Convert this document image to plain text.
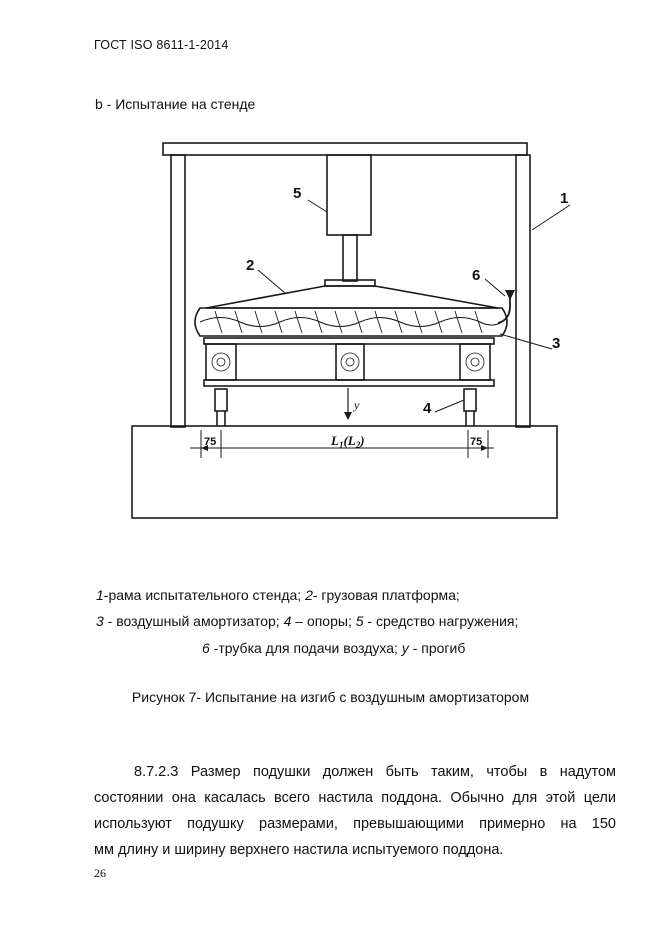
ГОСТ ISO 8611-1-2014
b - Испытание на стенде
5
2
1
6
3
4
75	75
$L_1(L_2)$
y
1-рама испытательного стенда; 2- грузовая платформа;
3 - воздушный амортизатор; 4 – опоры; 5 - средство нагружения;
6 -трубка для подачи воздуха; у - прогиб
Рисунок 7- Испытание на изгиб с воздушным амортизатором
8.7.2.3 Размер подушки должен быть таким, чтобы в надутом
состоянии она касалась всего настила поддона. Обычно для этой цели
используют подушку размерами, превышающими примерно на 150
мм длину и ширину верхнего настила испытуемого поддона.
26
